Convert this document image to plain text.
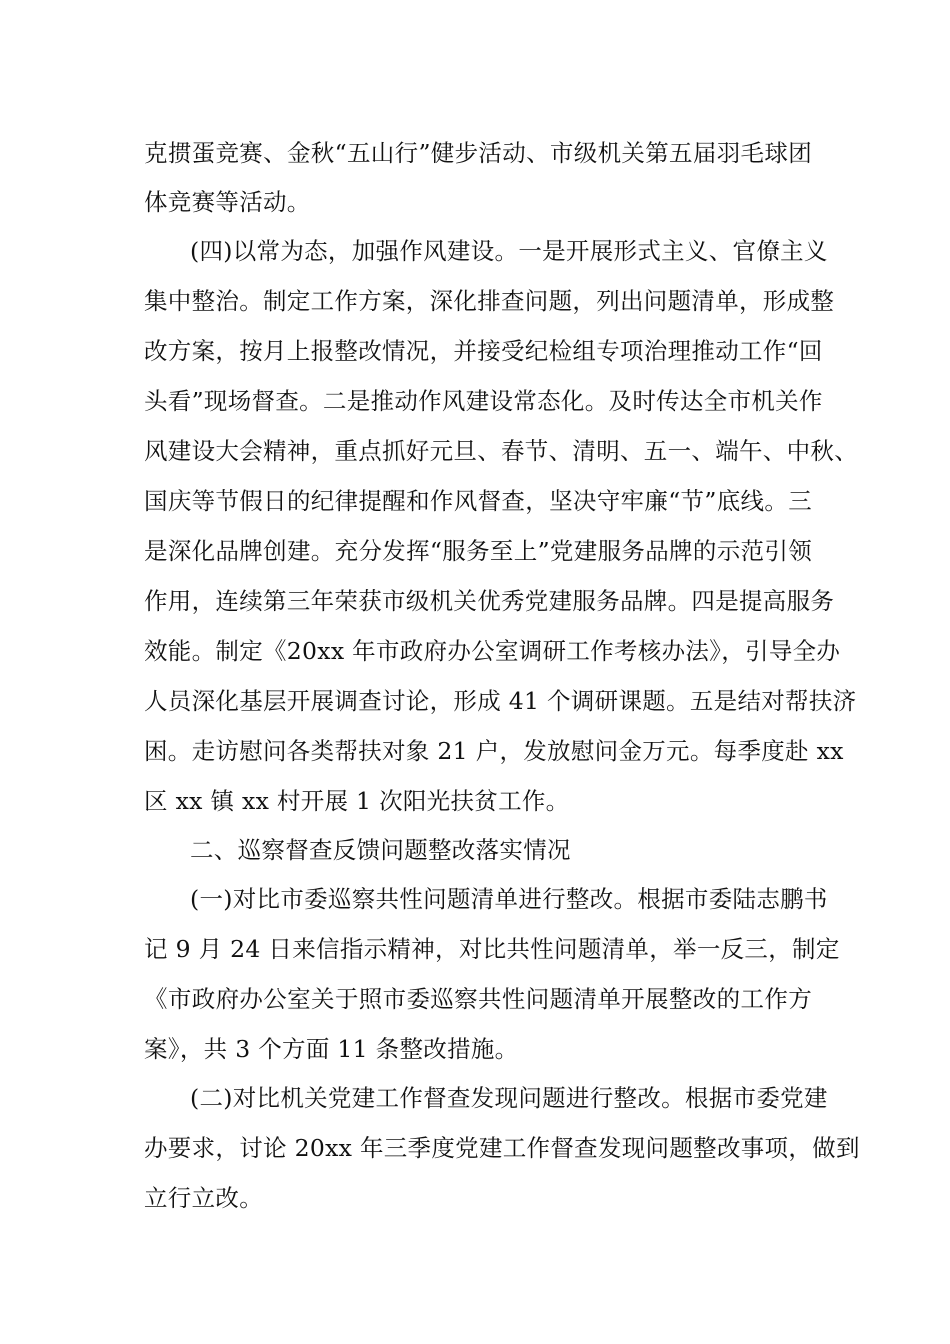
克掼蛋竞赛、金秋“五山行”健步活动、市级机关第五届羽毛球团
体竞赛等活动。
(四)以常为态，加强作风建设。一是开展形式主义、官僚主义
集中整治。制定工作方案，深化排查问题，列出问题清单，形成整
改方案，按月上报整改情况，并接受纪检组专项治理推动工作“回
头看”现场督查。二是推动作风建设常态化。及时传达全市机关作
风建设大会精神，重点抓好元旦、春节、清明、五一、端午、中秋、
国庆等节假日的纪律提醒和作风督查，坚决守牢廉“节”底线。三
是深化品牌创建。充分发挥“服务至上”党建服务品牌的示范引领
作用，连续第三年荣获市级机关优秀党建服务品牌。四是提高服务
效能。制定《20xx 年市政府办公室调研工作考核办法》，引导全办
人员深化基层开展调查讨论，形成 41 个调研课题。五是结对帮扶济
困。走访慰问各类帮扶对象 21 户，发放慰问金万元。每季度赴 xx
区 xx 镇 xx 村开展 1 次阳光扶贫工作。
二、巡察督查反馈问题整改落实情况
(一)对比市委巡察共性问题清单进行整改。根据市委陆志鹏书
记 9 月 24 日来信指示精神，对比共性问题清单，举一反三，制定
《市政府办公室关于照市委巡察共性问题清单开展整改的工作方
案》，共 3 个方面 11 条整改措施。
(二)对比机关党建工作督查发现问题进行整改。根据市委党建
办要求，讨论 20xx 年三季度党建工作督查发现问题整改事项，做到
立行立改。
